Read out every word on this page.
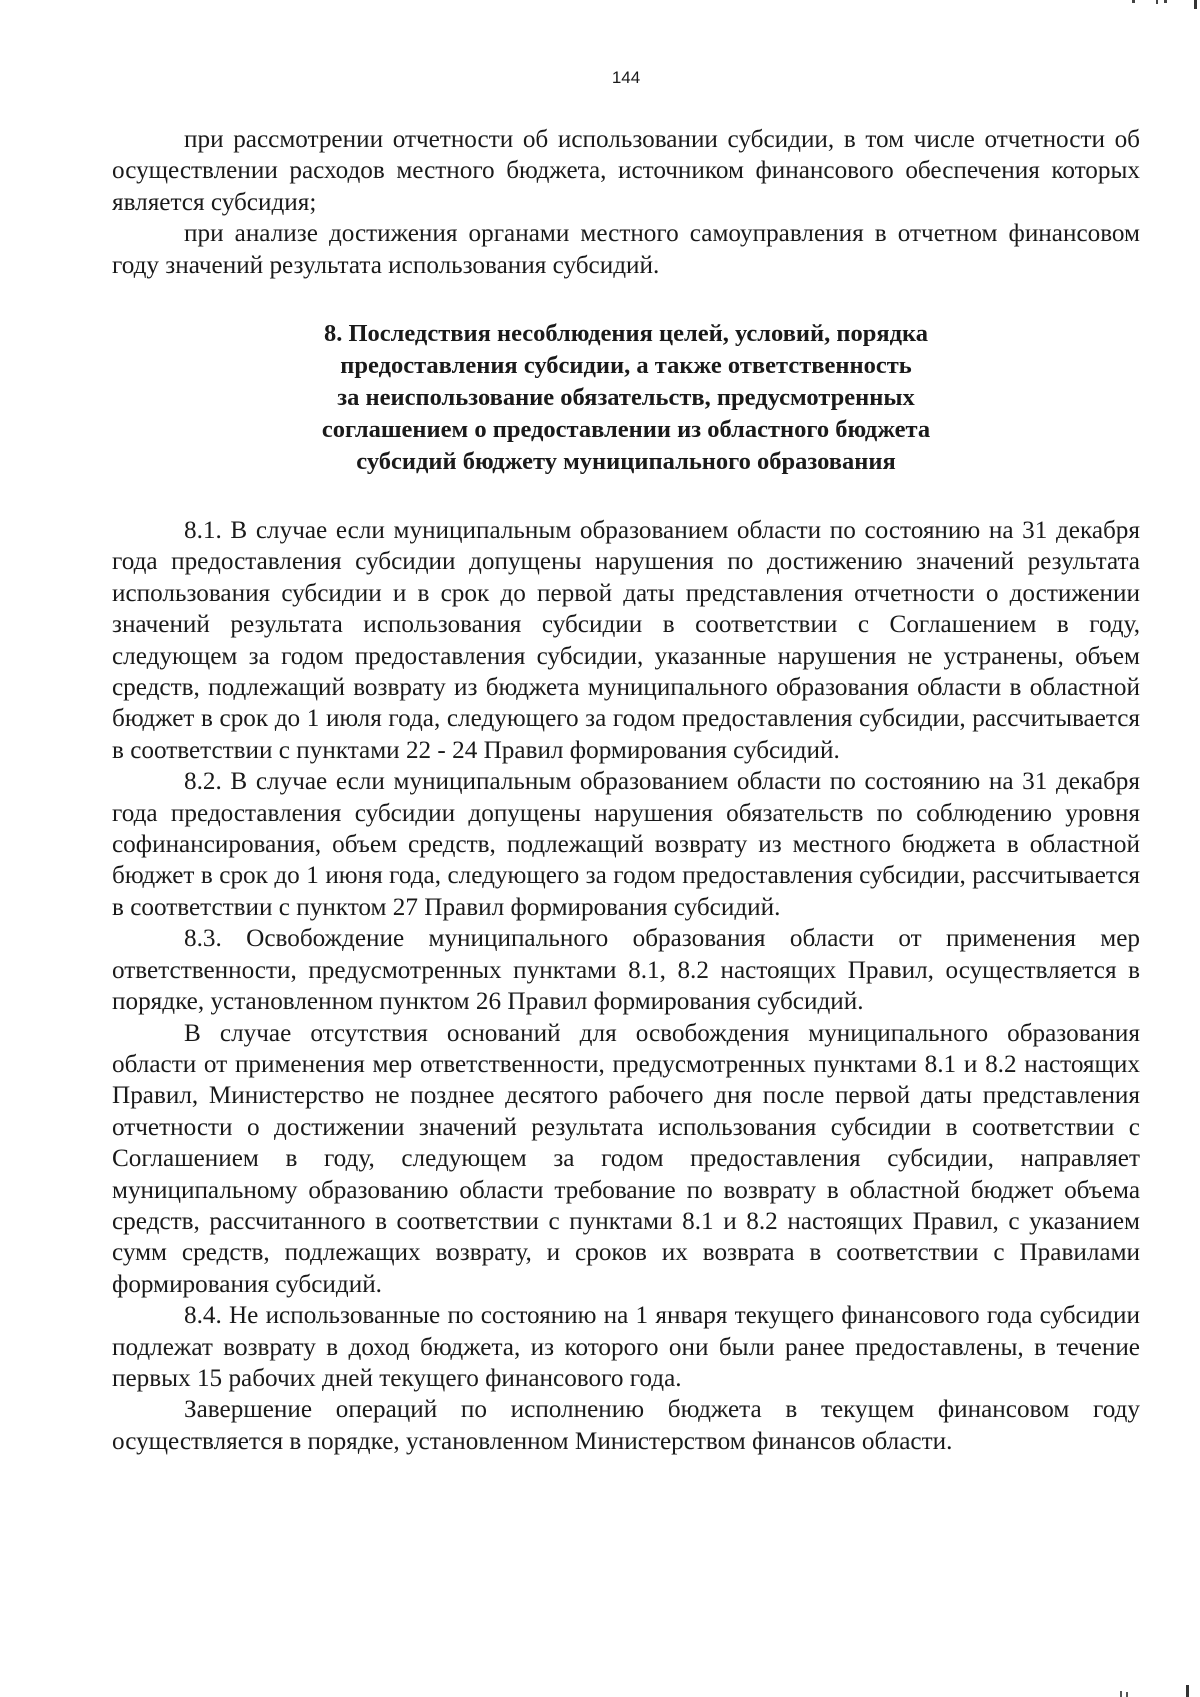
144

при рассмотрении отчетности об использовании субсидии, в том числе отчетности об осуществлении расходов местного бюджета, источником финансового обеспечения которых является субсидия;

при анализе достижения органами местного самоуправления в отчетном финансовом году значений результата использования субсидий.

8. Последствия несоблюдения целей, условий, порядка
предоставления субсидии, а также ответственность
за неиспользование обязательств, предусмотренных
соглашением о предоставлении из областного бюджета
субсидий бюджету муниципального образования

8.1. В случае если муниципальным образованием области по состоянию на 31 декабря года предоставления субсидии допущены нарушения по достижению значений результата использования субсидии и в срок до первой даты представления отчетности о достижении значений результата использования субсидии в соответствии с Соглашением в году, следующем за годом предоставления субсидии, указанные нарушения не устранены, объем средств, подлежащий возврату из бюджета муниципального образования области в областной бюджет в срок до 1 июля года, следующего за годом предоставления субсидии, рассчитывается в соответствии с пунктами 22 - 24 Правил формирования субсидий.

8.2. В случае если муниципальным образованием области по состоянию на 31 декабря года предоставления субсидии допущены нарушения обязательств по соблюдению уровня софинансирования, объем средств, подлежащий возврату из местного бюджета в областной бюджет в срок до 1 июня года, следующего за годом предоставления субсидии, рассчитывается в соответствии с пунктом 27 Правил формирования субсидий.

8.3. Освобождение муниципального образования области от применения мер ответственности, предусмотренных пунктами 8.1, 8.2 настоящих Правил, осуществляется в порядке, установленном пунктом 26 Правил формирования субсидий.

В случае отсутствия оснований для освобождения муниципального образования области от применения мер ответственности, предусмотренных пунктами 8.1 и 8.2 настоящих Правил, Министерство не позднее десятого рабочего дня после первой даты представления отчетности о достижении значений результата использования субсидии в соответствии с Соглашением в году, следующем за годом предоставления субсидии, направляет муниципальному образованию области требование по возврату в областной бюджет объема средств, рассчитанного в соответствии с пунктами 8.1 и 8.2 настоящих Правил, с указанием сумм средств, подлежащих возврату, и сроков их возврата в соответствии с Правилами формирования субсидий.

8.4. Не использованные по состоянию на 1 января текущего финансового года субсидии подлежат возврату в доход бюджета, из которого они были ранее предоставлены, в течение первых 15 рабочих дней текущего финансового года.

Завершение операций по исполнению бюджета в текущем финансовом году осуществляется в порядке, установленном Министерством финансов области.
